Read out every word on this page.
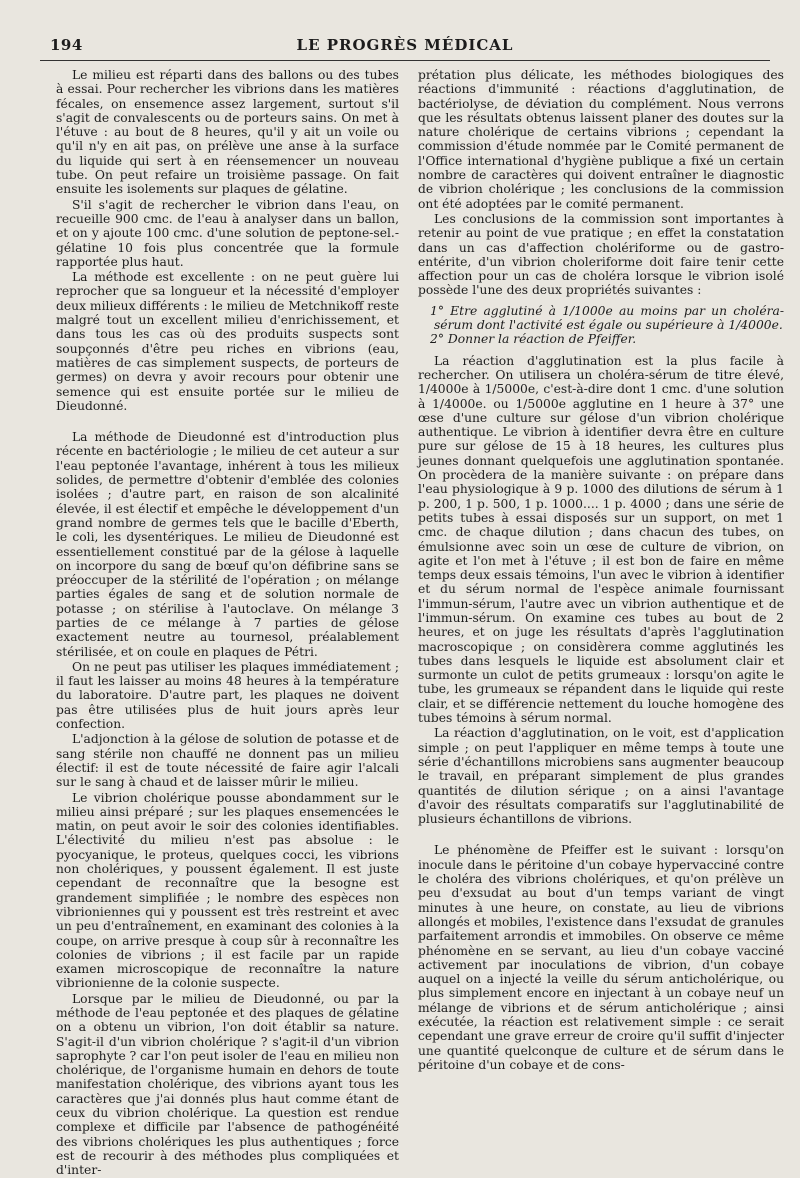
194	LE PROGRÈS MÉDICAL

Le milieu est réparti dans des ballons ou des tubes à essai. Pour rechercher les vibrions dans les matières fécales, on ensemence assez largement, surtout s'il s'agit de convalescents ou de porteurs sains. On met à l'étuve : au bout de 8 heures, qu'il y ait un voile ou qu'il n'y en ait pas, on prélève une anse à la surface du liquide qui sert à en réensemencer un nouveau tube. On peut refaire un troisième passage. On fait ensuite les isolements sur plaques de gélatine.

S'il s'agit de rechercher le vibrion dans l'eau, on recueille 900 cmc. de l'eau à analyser dans un ballon, et on y ajoute 100 cmc. d'une solution de peptone-sel.-gélatine 10 fois plus concentrée que la formule rapportée plus haut.

La méthode est excellente : on ne peut guère lui reprocher que sa longueur et la nécessité d'employer deux milieux différents : le milieu de Metchnikoff reste malgré tout un excellent milieu d'enrichissement, et dans tous les cas où des produits suspects sont soupçonnés d'être peu riches en vibrions (eau, matières de cas simplement suspects, de porteurs de germes) on devra y avoir recours pour obtenir une semence qui est ensuite portée sur le milieu de Dieudonné.

La méthode de Dieudonné est d'introduction plus récente en bactériologie ; le milieu de cet auteur a sur l'eau peptonée l'avantage, inhérent à tous les milieux solides, de permettre d'obtenir d'emblée des colonies isolées ; d'autre part, en raison de son alcalinité élevée, il est électif et empêche le développement d'un grand nombre de germes tels que le bacille d'Eberth, le coli, les dysentériques. Le milieu de Dieudonné est essentiellement constitué par de la gélose à laquelle on incorpore du sang de bœuf qu'on défibrine sans se préoccuper de la stérilité de l'opération ; on mélange parties égales de sang et de solution normale de potasse ; on stérilise à l'autoclave. On mélange 3 parties de ce mélange à 7 parties de gélose exactement neutre au tournesol, préalablement stérilisée, et on coule en plaques de Pétri.

On ne peut pas utiliser les plaques immédiatement ; il faut les laisser au moins 48 heures à la température du laboratoire. D'autre part, les plaques ne doivent pas être utilisées plus de huit jours après leur confection.

L'adjonction à la gélose de solution de potasse et de sang stérile non chauffé ne donnent pas un milieu électif: il est de toute nécessité de faire agir l'alcali sur le sang à chaud et de laisser mûrir le milieu.

Le vibrion cholérique pousse abondamment sur le milieu ainsi préparé ; sur les plaques ensemencées le matin, on peut avoir le soir des colonies identifiables. L'électivité du milieu n'est pas absolue : le pyocyanique, le proteus, quelques cocci, les vibrions non cholériques, y poussent également. Il est juste cependant de reconnaître que la besogne est grandement simplifiée ; le nombre des espèces non vibrioniennes qui y poussent est très restreint et avec un peu d'entraînement, en examinant des colonies à la coupe, on arrive presque à coup sûr à reconnaître les colonies de vibrions ; il est facile par un rapide examen microscopique de reconnaître la nature vibrionienne de la colonie suspecte.

Lorsque par le milieu de Dieudonné, ou par la méthode de l'eau peptonée et des plaques de gélatine on a obtenu un vibrion, l'on doit établir sa nature. S'agit-il d'un vibrion cholérique ? s'agit-il d'un vibrion saprophyte ? car l'on peut isoler de l'eau en milieu non cholérique, de l'organisme humain en dehors de toute manifestation cholérique, des vibrions ayant tous les caractères que j'ai donnés plus haut comme étant de ceux du vibrion cholérique. La question est rendue complexe et difficile par l'absence de pathogénéité des vibrions cholériques les plus authentiques ; force est de recourir à des méthodes plus compliquées et d'inter-

prétation plus délicate, les méthodes biologiques des réactions d'immunité : réactions d'agglutination, de bactériolyse, de déviation du complément. Nous verrons que les résultats obtenus laissent planer des doutes sur la nature cholérique de certains vibrions ; cependant la commission d'étude nommée par le Comité permanent de l'Office international d'hygiène publique a fixé un certain nombre de caractères qui doivent entraîner le diagnostic de vibrion cholérique ; les conclusions de la commission ont été adoptées par le comité permanent.

Les conclusions de la commission sont importantes à retenir au point de vue pratique ; en effet la constatation dans un cas d'affection cholériforme ou de gastro-entérite, d'un vibrion choleriforme doit faire tenir cette affection pour un cas de choléra lorsque le vibrion isolé possède l'une des deux propriétés suivantes :

1° Etre agglutiné à 1/1000e au moins par un choléra-sérum dont l'activité est égale ou supérieure à 1/4000e.

2° Donner la réaction de Pfeiffer.

La réaction d'agglutination est la plus facile à rechercher. On utilisera un choléra-sérum de titre élevé, 1/4000e à 1/5000e, c'est-à-dire dont 1 cmc. d'une solution à 1/4000e. ou 1/5000e agglutine en 1 heure à 37° une œse d'une culture sur gélose d'un vibrion cholérique authentique. Le vibrion à identifier devra être en culture pure sur gélose de 15 à 18 heures, les cultures plus jeunes donnant quelquefois une agglutination spontanée. On procèdera de la manière suivante : on prépare dans l'eau physiologique à 9 p. 1000 des dilutions de sérum à 1 p. 200, 1 p. 500, 1 p. 1000.... 1 p. 4000 ; dans une série de petits tubes à essai disposés sur un support, on met 1 cmc. de chaque dilution ; dans chacun des tubes, on émulsionne avec soin un œse de culture de vibrion, on agite et l'on met à l'étuve ; il est bon de faire en même temps deux essais témoins, l'un avec le vibrion à identifier et du sérum normal de l'espèce animale fournissant l'immun-sérum, l'autre avec un vibrion authentique et de l'immun-sérum. On examine ces tubes au bout de 2 heures, et on juge les résultats d'après l'agglutination macroscopique ; on considèrera comme agglutinés les tubes dans lesquels le liquide est absolument clair et surmonte un culot de petits grumeaux : lorsqu'on agite le tube, les grumeaux se répandent dans le liquide qui reste clair, et se différencie nettement du louche homogène des tubes témoins à sérum normal.

La réaction d'agglutination, on le voit, est d'application simple ; on peut l'appliquer en même temps à toute une série d'échantillons microbiens sans augmenter beaucoup le travail, en préparant simplement de plus grandes quantités de dilution sérique ; on a ainsi l'avantage d'avoir des résultats comparatifs sur l'agglutinabilité de plusieurs échantillons de vibrions.

Le phénomène de Pfeiffer est le suivant : lorsqu'on inocule dans le péritoine d'un cobaye hypervacciné contre le choléra des vibrions cholériques, et qu'on prélève un peu d'exsudat au bout d'un temps variant de vingt minutes à une heure, on constate, au lieu de vibrions allongés et mobiles, l'existence dans l'exsudat de granules parfaitement arrondis et immobiles. On observe ce même phénomène en se servant, au lieu d'un cobaye vacciné activement par inoculations de vibrion, d'un cobaye auquel on a injecté la veille du sérum anticholérique, ou plus simplement encore en injectant à un cobaye neuf un mélange de vibrions et de sérum anticholérique ; ainsi exécutée, la réaction est relativement simple : ce serait cependant une grave erreur de croire qu'il suffit d'injecter une quantité quelconque de culture et de sérum dans le péritoine d'un cobaye et de cons-
